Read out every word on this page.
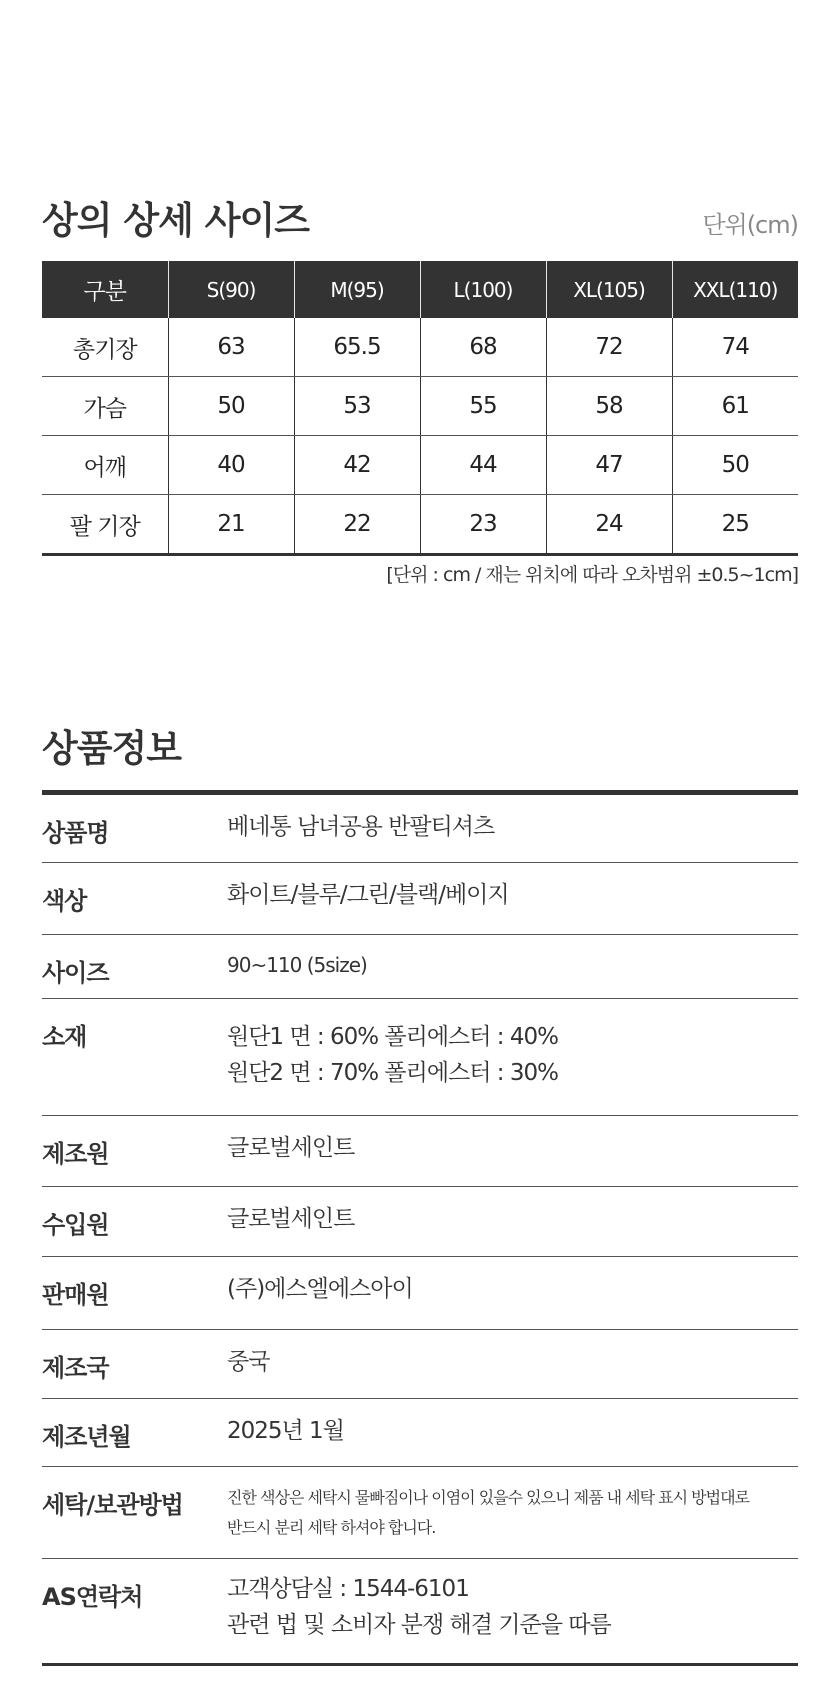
상의 상세 사이즈	단위(cm)
구분	S(90)	M(95)	L(100)	XL(105)	XXL(110)
총기장	63	65.5	68	72	74
가슴	50	53	55	58	61
어깨	40	42	44	47	50
팔 기장	21	22	23	24	25
[단위 : cm / 재는 위치에 따라 오차범위 ±0.5~1cm]
상품정보
상품명	베네통 남녀공용 반팔티셔츠
색상	화이트/블루/그린/블랙/베이지
사이즈	90~110 (5size)
소재	원단1 면 : 60% 폴리에스터 : 40%
원단2 면 : 70% 폴리에스터 : 30%
제조원	글로벌세인트
수입원	글로벌세인트
판매원	(주)에스엘에스아이
제조국	중국
제조년월	2025년 1월
세탁/보관방법	진한 색상은 세탁시 물빠짐이나 이염이 있을수 있으니 제품 내 세탁 표시 방법대로
반드시 분리 세탁 하셔야 합니다.
AS연락처	고객상담실 : 1544-6101
관련 법 및 소비자 분쟁 해결 기준을 따름
